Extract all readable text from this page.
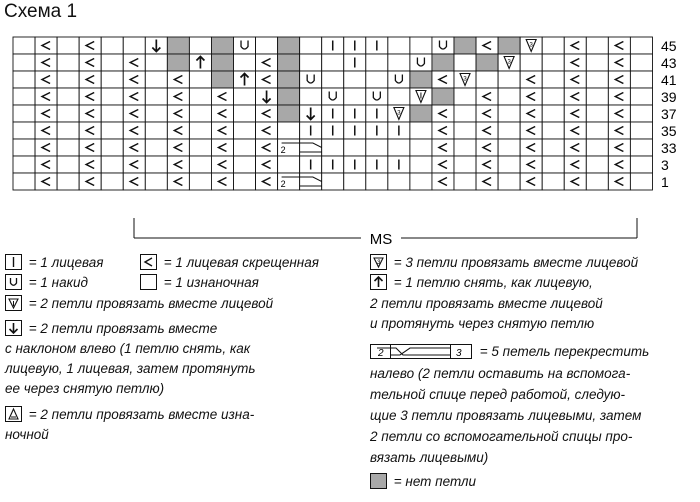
Схема 1
3
3
3
3
2
2
45
43
41
39
37
35
33
3
1
MS
= 1 лицевая	= 1 лицевая скрещенная
= 1 накид	= 1 изнаночная
= 2 петли провязать вместе лицевой
= 2 петли провязать вместе
с наклоном влево (1 петлю снять, как
лицевую, 1 лицевая, затем протянуть
ее через снятую петлю)
= 2 петли провязать вместе изна-
ночной
3 = 3 петли провязать вместе лицевой
= 1 петлю снять, как лицевую,
2 петли провязать вместе лицевой
и протянуть через снятую петлю
2	3 = 5 петель перекрестить
налево (2 петли оставить на вспомога-
тельной спице перед работой, следую-
щие 3 петли провязать лицевыми, затем
2 петли со вспомогательной спицы про-
вязать лицевыми)
= нет петли
